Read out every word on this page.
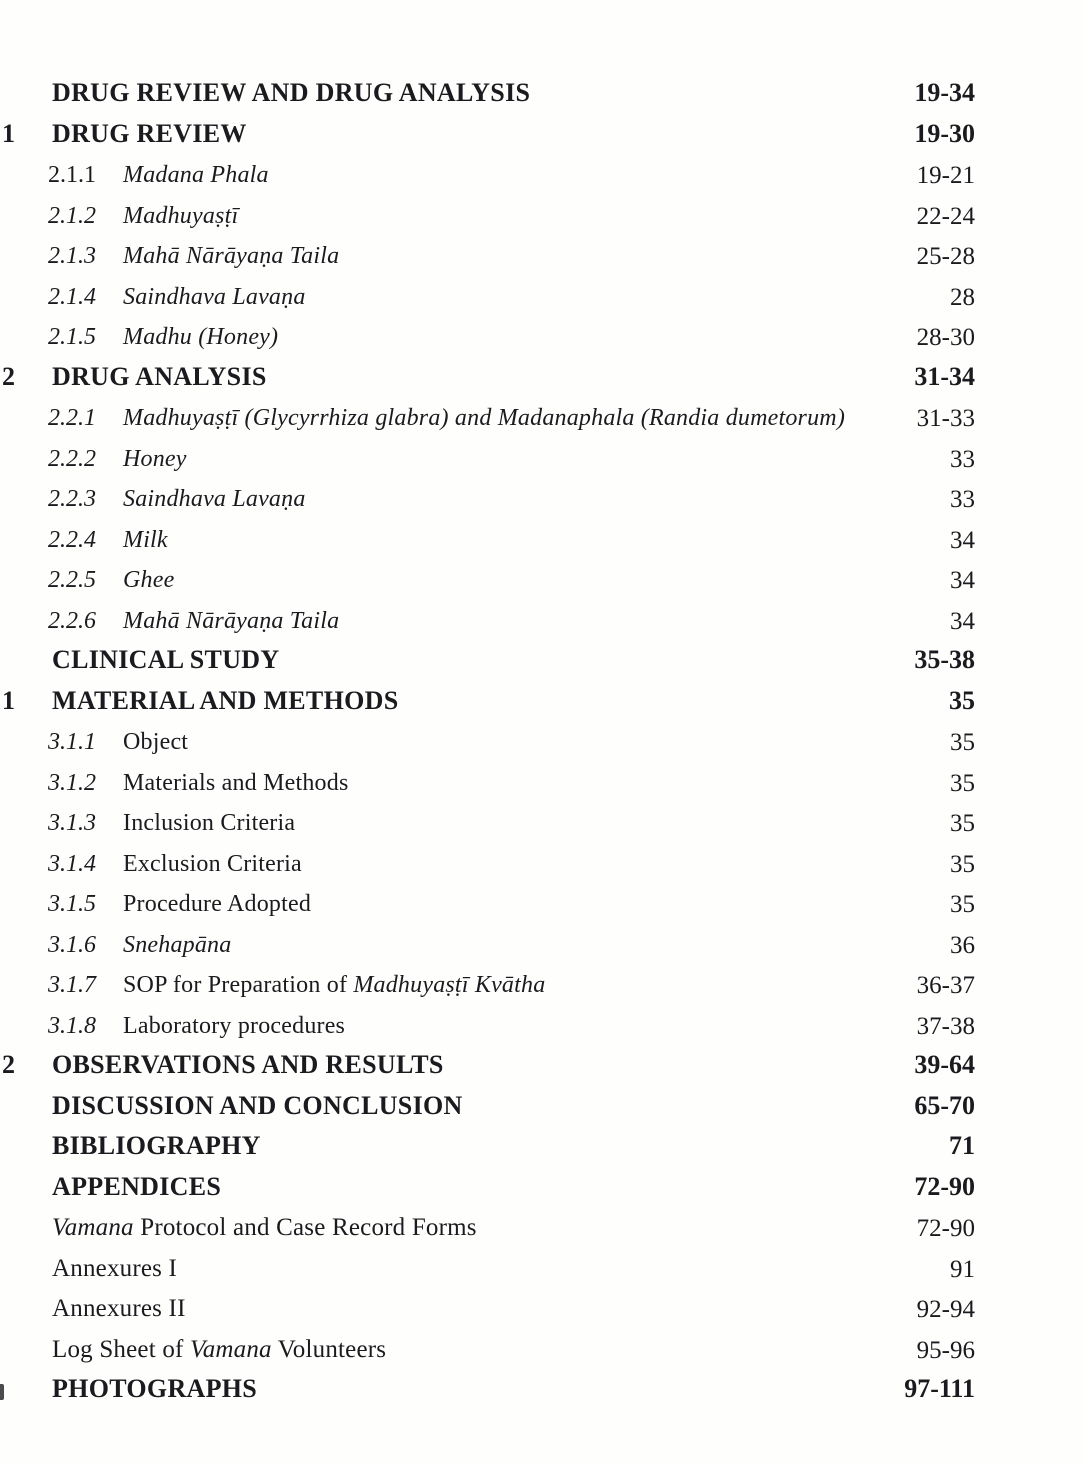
DRUG REVIEW AND DRUG ANALYSIS	19-34
1 DRUG REVIEW	19-30
2.1.1 Madana Phala	19-21
2.1.2 Madhuyaṣṭī	22-24
2.1.3 Mahā Nārāyaṇa Taila	25-28
2.1.4 Saindhava Lavaṇa	28
2.1.5 Madhu (Honey)	28-30
2 DRUG ANALYSIS	31-34
2.2.1 Madhuyaṣṭī (Glycyrrhiza glabra) and Madanaphala (Randia dumetorum)	31-33
2.2.2 Honey	33
2.2.3 Saindhava Lavaṇa	33
2.2.4 Milk	34
2.2.5 Ghee	34
2.2.6 Mahā Nārāyaṇa Taila	34
CLINICAL STUDY	35-38
1 MATERIAL AND METHODS	35
3.1.1 Object	35
3.1.2 Materials and Methods	35
3.1.3 Inclusion Criteria	35
3.1.4 Exclusion Criteria	35
3.1.5 Procedure Adopted	35
3.1.6 Snehapāna	36
3.1.7 SOP for Preparation of Madhuyaṣṭī Kvātha	36-37
3.1.8 Laboratory procedures	37-38
2 OBSERVATIONS AND RESULTS	39-64
DISCUSSION AND CONCLUSION	65-70
BIBLIOGRAPHY	71
APPENDICES	72-90
Vamana Protocol and Case Record Forms	72-90
Annexures I	91
Annexures II	92-94
Log Sheet of Vamana Volunteers	95-96
PHOTOGRAPHS	97-111
